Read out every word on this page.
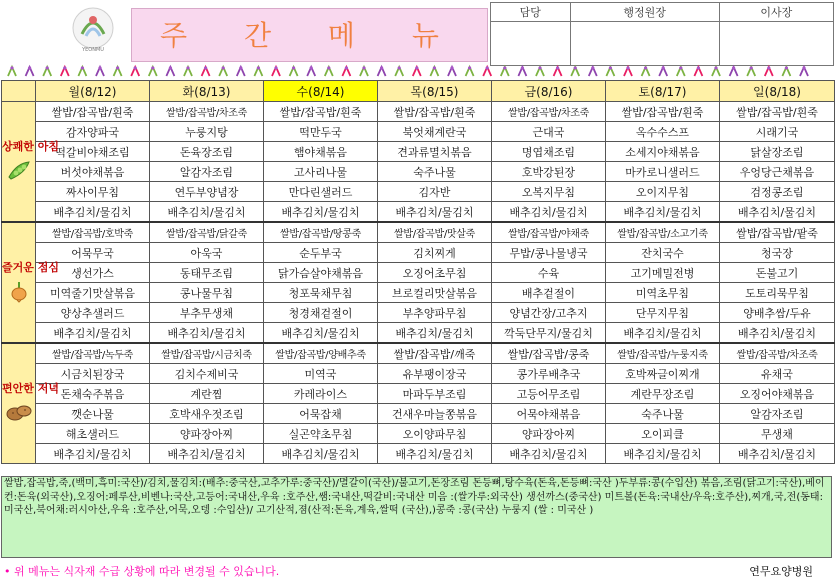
YEONMU 주 간 메 뉴
담당	행정원장	이사장

	월(8/12)	화(8/13)	수(8/14)	목(8/15)	금(8/16)	토(8/17)	일(8/18)

상쾌한 아침	쌀밥/잡곡밥/흰죽	쌀밥/잡곡밥/차조죽	쌀밥/잡곡밥/흰죽	쌀밥/잡곡밥/흰죽	쌀밥/잡곡밥/차조죽	쌀밥/잡곡밥/흰죽	쌀밥/잡곡밥/흰죽
	감자양파국	누룽지탕	떡만두국	북엇채계란국	근대국	옥수수스프	시래기국
	떡갈비야채조림	돈육장조림	햄야채볶음	견과류멸치볶음	명엽채조림	소세지야채볶음	닭살장조림
	버섯야채볶음	알감자조림	고사리나물	숙주나물	호박강된장	마카로니샐러드	우엉당근채볶음
	짜사이무침	연두부양념장	만다린샐러드	김자반	오복지무침	오이지무침	검정콩조림
	배추김치/물김치	배추김치/물김치	배추김치/물김치	배추김치/물김치	배추김치/물김치	배추김치/물김치	배추김치/물김치

즐거운 점심	쌀밥/잡곡밥/호박죽	쌀밥/잡곡밥/닭갈죽	쌀밥/잡곡밥/땅콩죽	쌀밥/잡곡밥/맛살죽	쌀밥/잡곡밥/야채죽	쌀밥/잡곡밥/소고기죽	쌀밥/잡곡밥/팥죽
	어묵무국	아욱국	순두부국	김치찌게	무밥/콩나물냉국	잔치국수	청국장
	생선가스	동태무조림	닭가슴살야채볶음	오징어초무침	수육	고기메밀전병	돈불고기
	미역줄기맛살볶음	콩나물무침	청포묵채무침	브로컬리맛살볶음	배추겉절이	미역초무침	도토리묵무침
	양상추샐러드	부추무생채	청경채겉절이	부추양파무침	양념간장/고추지	단무지무침	양배추쌈/두유
	배추김치/물김치	배추김치/물김치	배추김치/물김치	배추김치/물김치	깍둑단무지/물김치	배추김치/물김치	배추김치/물김치

편안한 저녁	쌀밥/잡곡밥/녹두죽	쌀밥/잡곡밥/시금치죽	쌀밥/잡곡밥/양배추죽	쌀밥/잡곡밥/깨죽	쌀밥/잡곡밥/콩죽	쌀밥/잡곡밥/누룽지죽	쌀밥/잡곡밥/차조죽
	시금치된장국	김치수제비국	미역국	유부팽이장국	콩가루배추국	호박짜글이찌개	유채국
	돈채숙주볶음	계란찜	카레라이스	마파두부조림	고등어무조림	계란무장조림	오징어야채볶음
	깻순나물	호박새우젓조림	어묵잡채	건새우마늘쫑볶음	어묵야채볶음	숙주나물	알감자조림
	해초샐러드	양파장아찌	실곤약초무침	오이양파무침	양파장아찌	오이피클	무생채
	배추김치/물김치	배추김치/물김치	배추김치/물김치	배추김치/물김치	배추김치/물김치	배추김치/물김치	배추김치/물김치
쌀밥,잡곡밥,죽,(백미,흑미:국산)/김치,물김치:(배추:중국산,고추가루:중국산)/멸갈이(국산)/불고기,돈장조림 돈등뼈,탕수육(돈육,돈등뼈:국산 )두부류:콩(수입산) 볶음,조림(닭고기:국산),베이컨:돈육(외국산),오징어:페루산,비벤나:국산,고등어:국내산,우육 :호주산,쌤:국내산,떡갈비:국내산 미음 :(쌀가루:외국산) 생선까스(중국산) 미트볼(돈육:국내산/우육:호주산),찌개,국,전(동태:미국산,북어채:러시아산,우육 :호주산,어묵,오뎅 :수입산)/ 고기산적,졈(산적:돈육,계육,쌀떡 (국산),)콩죽 :콩(국산) 누룽지 (쌀 : 미국산 )
• 위 메뉴는 식자재 수급 상황에 따라 변경될 수 있습니다.	연무요양병원
